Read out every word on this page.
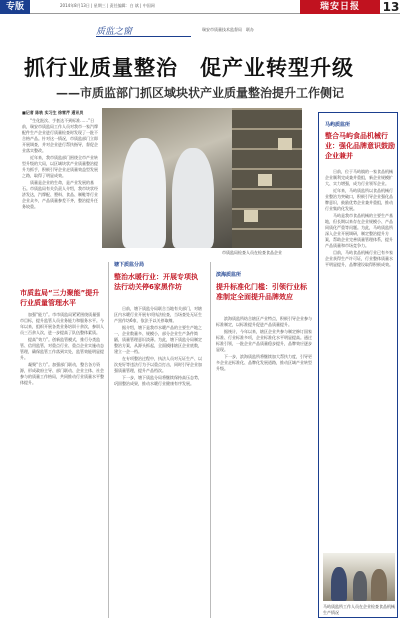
专版	2014年8月13日 | 星期三 | 责任编辑：白 斌 | 中国网	瑞安日报	13
质监之窗	瑞安市质量技术监督局　联办
抓行业质量整治　促产业转型升级
——市质监部门抓区域块状产业质量整治提升工作侧记
■记者 陈轶 实习生 徐雪芹 通讯员

“生化批次、手套达不到标准……”日前，瑞安市质监局工作人员对我市一家汽摩配件生产企业进行质量检查时发现了一批不合格产品。针对这一情况，市质监部门立即开展调查，并对企业进行帮扶指导，督促企业落实整改。

近年来，我市质监部门围绕全市产业转型升级的大局，以区域块状产业质量整治提升为抓手，积极引导企业走质量效益型发展之路，取得了明显成效。

质量是企业的生命，是产业发展的基石。市质监局有关负责人介绍，我市块状经济发达，汽摩配、塑料、食品、制鞋等行业企业众多，产品质量参差不齐，整治提升任务较重。

市质监局检查人员在检查食品企业
市质监局“三力聚能”提升行业质量管理水平

加强“能力”。市市质监局紧紧围绕质量强市目标，提升监管人员业务能力和服务水平。今年以来，组织开展各类业务培训十余次，参训人员三百余人次，进一步提高了队伍整体素质。

提高“效力”。创新监管模式，推行分类监管、信用监管，对重点行业、重点企业实施动态管理，确保监管工作落到实处，监管效能明显提升。

凝聚“合力”。加强部门联动，整合各方资源，形成政府主导、部门联动、企业主体、社会参与的质量工作格局，共同推动行业质量水平整体提升。

塘下质监分局
整治水暖行业：开展专项执法行动关停6家黑作坊

日前，塘下质监分局联合当地有关部门，对辖区内水暖行业开展专项执法检查，当场查处无证生产黑作坊6家，依法予以关停取缔。

据介绍，塘下是我市水暖产品的主要生产地之一，企业数量多、规模小，部分企业生产条件简陋，质量管理意识淡薄。为此，塘下质监分局制定整治方案，从源头抓起，全面摸排辖区企业底数，建立一企一档。

在专项整治过程中，执法人员对无证生产、以次充好等违法行为予以重点打击，同时引导企业加强质量管理，提升产品档次。

下一步，塘下质监分局将继续保持高压态势，巩固整治成果，推动水暖行业健康有序发展。

滨海质监所
提升标准化门槛：引领行业标准制定全面提升品牌效应

滨海质监所结合辖区产业特点，积极引导企业参与标准制定，以标准提升促进产品质量提升。

据统计，今年以来，辖区企业共参与制定修订国家标准、行业标准多项，企业标准化水平明显提高。通过标准引领，一批企业产品质量稳步提升，品牌效应逐步显现。

下一步，滨海质监所将继续加大帮扶力度，引导更多企业走标准化、品牌化发展道路，推动区域产业转型升级。

马屿质监所
整合马屿食品机械行业：强化品牌意识鼓励企业兼并

日前，位于马屿镇的一家食品机械企业顺利完成兼并重组，新企业规模扩大、实力增强，成为行业领军企业。

近年来，马屿质监所以食品机械行业整治为突破口，积极引导企业强化品牌意识，鼓励优势企业兼并重组，推动行业集约化发展。

马屿是我市食品机械的主要生产基地，但长期以来存在企业规模小、产品同质化严重等问题。为此，马屿质监所深入企业开展调研，制定整治提升方案，帮助企业完善质量管理体系，提升产品质量和市场竞争力。

目前，马屿食品机械行业已有多家企业获得生产许可证，行业整体质量水平明显提升，品牌建设取得积极成效。

马屿质监所工作人员在企业检查食品机械生产情况
